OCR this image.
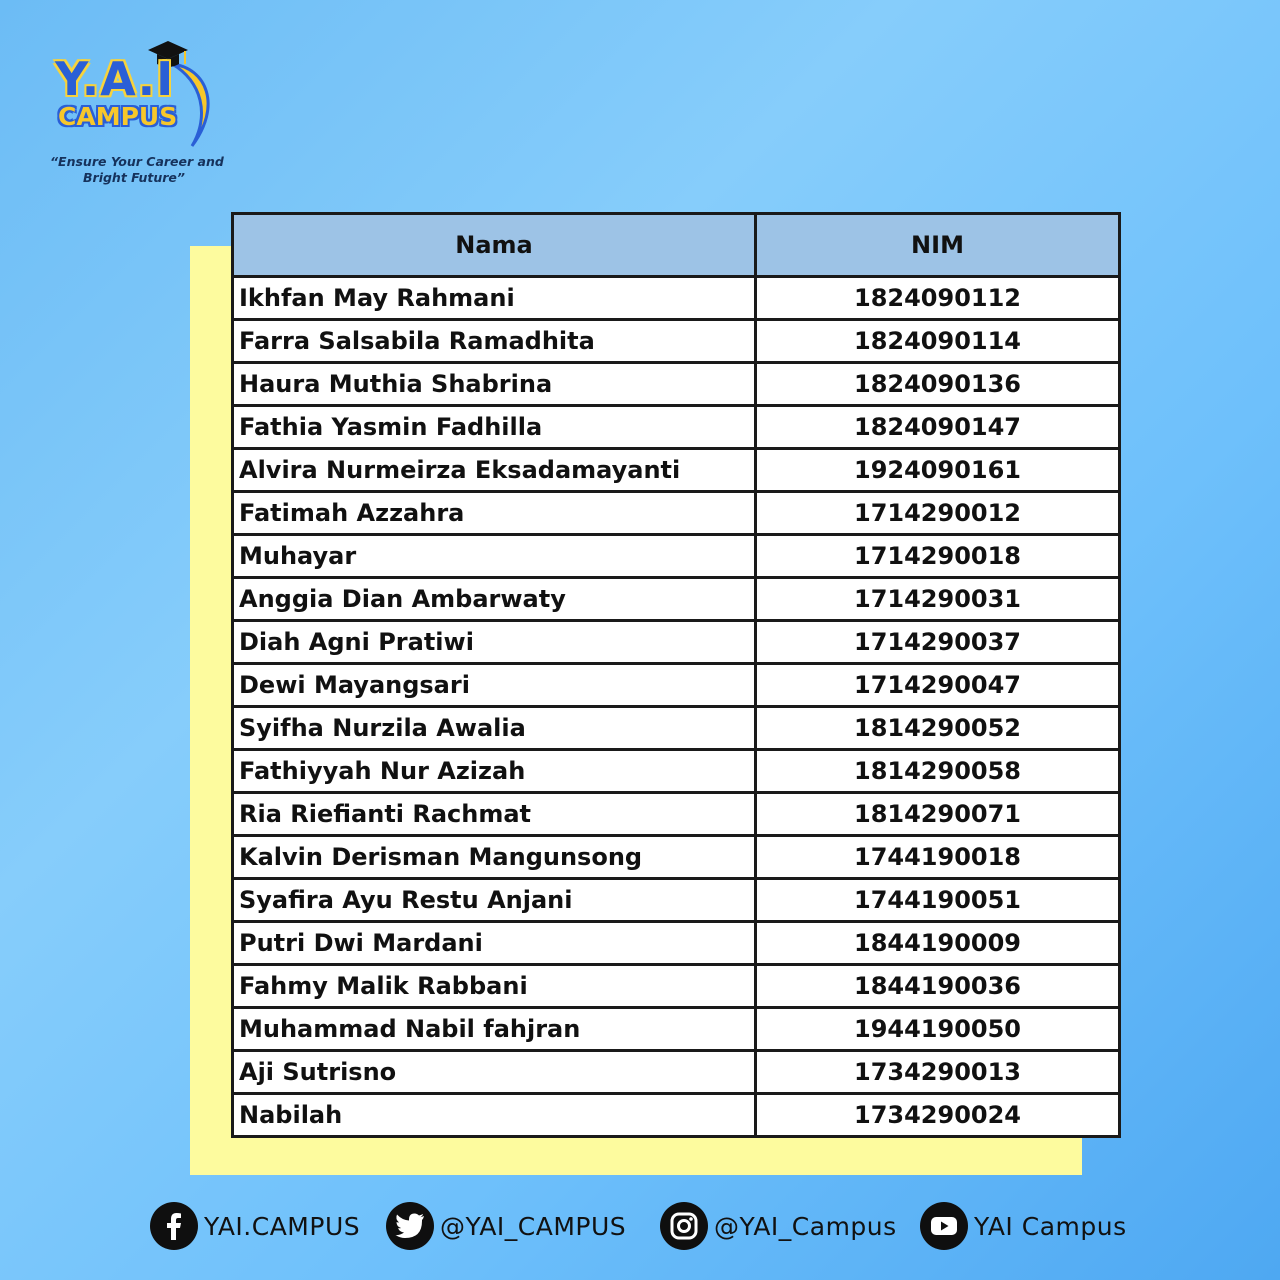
Y.A.I
CAMPUS
“Ensure Your Career and
Bright Future”
Nama	NIM
Ikhfan May Rahmani	1824090112
Farra Salsabila Ramadhita	1824090114
Haura Muthia Shabrina	1824090136
Fathia Yasmin Fadhilla	1824090147
Alvira Nurmeirza Eksadamayanti	1924090161
Fatimah Azzahra	1714290012
Muhayar	1714290018
Anggia Dian Ambarwaty	1714290031
Diah Agni Pratiwi	1714290037
Dewi Mayangsari	1714290047
Syifha Nurzila Awalia	1814290052
Fathiyyah Nur Azizah	1814290058
Ria Riefianti Rachmat	1814290071
Kalvin Derisman Mangunsong	1744190018
Syafira Ayu Restu Anjani	1744190051
Putri Dwi Mardani	1844190009
Fahmy Malik Rabbani	1844190036
Muhammad Nabil fahjran	1944190050
Aji Sutrisno	1734290013
Nabilah	1734290024
YAI.CAMPUS	@YAI_CAMPUS	@YAI_Campus	YAI Campus
